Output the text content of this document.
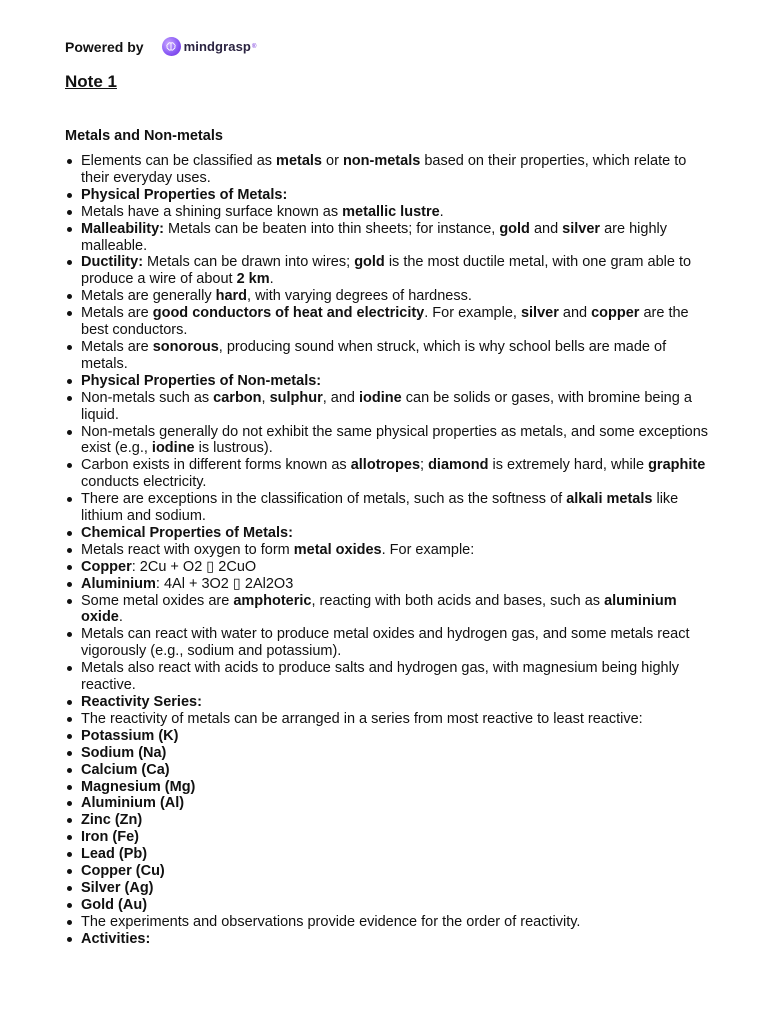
Powered by	mindgrasp ®
Note 1
Metals and Non-metals
Elements can be classified as metals or non-metals based on their properties, which relate to their everyday uses.
Physical Properties of Metals:
Metals have a shining surface known as metallic lustre.
Malleability: Metals can be beaten into thin sheets; for instance, gold and silver are highly malleable.
Ductility: Metals can be drawn into wires; gold is the most ductile metal, with one gram able to produce a wire of about 2 km.
Metals are generally hard, with varying degrees of hardness.
Metals are good conductors of heat and electricity. For example, silver and copper are the best conductors.
Metals are sonorous, producing sound when struck, which is why school bells are made of metals.
Physical Properties of Non-metals:
Non-metals such as carbon, sulphur, and iodine can be solids or gases, with bromine being a liquid.
Non-metals generally do not exhibit the same physical properties as metals, and some exceptions exist (e.g., iodine is lustrous).
Carbon exists in different forms known as allotropes; diamond is extremely hard, while graphite conducts electricity.
There are exceptions in the classification of metals, such as the softness of alkali metals like lithium and sodium.
Chemical Properties of Metals:
Metals react with oxygen to form metal oxides. For example:
Copper: 2Cu + O2 ▯ 2CuO
Aluminium: 4Al + 3O2 ▯ 2Al2O3
Some metal oxides are amphoteric, reacting with both acids and bases, such as aluminium oxide.
Metals can react with water to produce metal oxides and hydrogen gas, and some metals react vigorously (e.g., sodium and potassium).
Metals also react with acids to produce salts and hydrogen gas, with magnesium being highly reactive.
Reactivity Series:
The reactivity of metals can be arranged in a series from most reactive to least reactive:
Potassium (K)
Sodium (Na)
Calcium (Ca)
Magnesium (Mg)
Aluminium (Al)
Zinc (Zn)
Iron (Fe)
Lead (Pb)
Copper (Cu)
Silver (Ag)
Gold (Au)
The experiments and observations provide evidence for the order of reactivity.
Activities:
